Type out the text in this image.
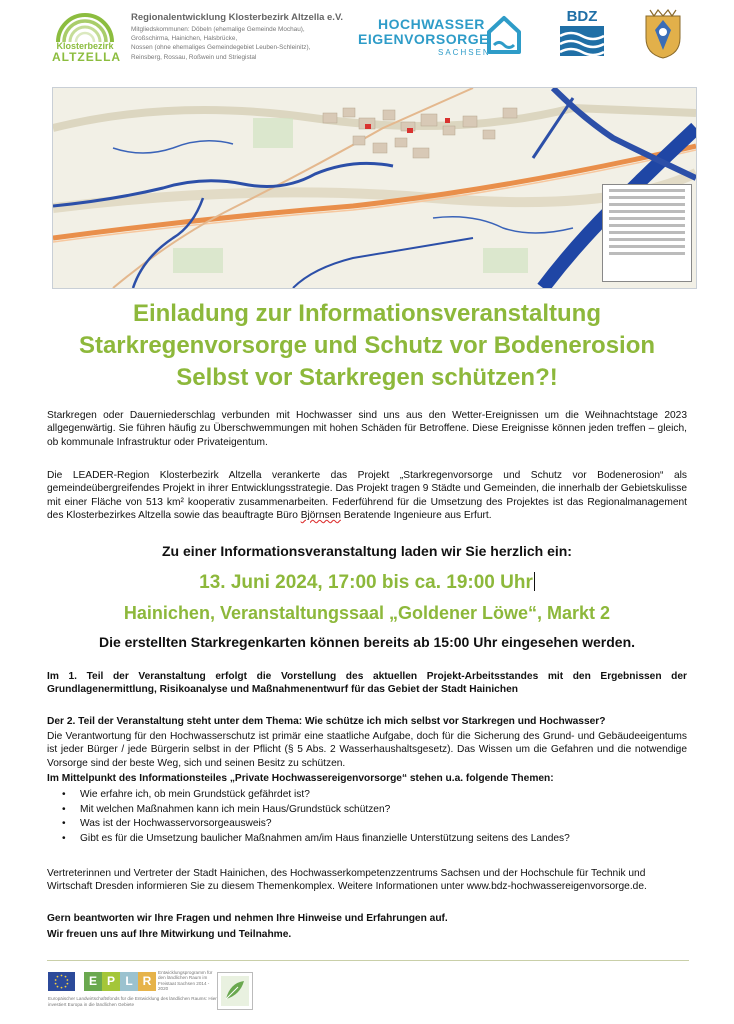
Klosterbezirk
ALTZELLA

Regionalentwicklung Klosterbezirk Altzella e.V.

Mitgliedskommunen: Döbeln (ehemalige Gemeinde Mochau),
Großschirma, Hainichen, Halsbrücke,
Nossen (ohne ehemaliges Gemeindegebiet Leuben-Schleinitz),
Reinsberg, Rossau, Roßwein und Striegistal

HOCHWASSER
EIGENVORSORGE
SACHSEN
BDZ
Einladung zur Informationsveranstaltung
Starkregenvorsorge und Schutz vor Bodenerosion
Selbst vor Starkregen schützen?!

Starkregen oder Dauerniederschlag verbunden mit Hochwasser sind uns aus den Wetter-Ereignissen um die Weihnachtstage 2023 allgegenwärtig. Sie führen häufig zu Überschwemmungen mit hohen Schäden für Betroffene. Diese Ereignisse können jeden treffen – gleich, ob kommunale Infrastruktur oder Privateigentum.

Die LEADER-Region Klosterbezirk Altzella verankerte das Projekt „Starkregenvorsorge und Schutz vor Bodenerosion“ als gemeindeübergreifendes Projekt in ihrer Entwicklungsstrategie. Das Projekt tragen 9 Städte und Gemeinden, die innerhalb der Gebietskulisse mit einer Fläche von 513 km² kooperativ zusammenarbeiten. Federführend für die Umsetzung des Projektes ist das Regionalmanagement des Klosterbezirkes Altzella sowie das beauftragte Büro Björnsen Beratende Ingenieure aus Erfurt.

Zu einer Informationsveranstaltung laden wir Sie herzlich ein:

13. Juni 2024, 17:00 bis ca. 19:00 Uhr

Hainichen, Veranstaltungssaal „Goldener Löwe“, Markt 2

Die erstellten Starkregenkarten können bereits ab 15:00 Uhr eingesehen werden.

Im 1. Teil der Veranstaltung erfolgt die Vorstellung des aktuellen Projekt-Arbeitsstandes mit den Ergebnissen der Grundlagenermittlung, Risikoanalyse und Maßnahmenentwurf für das Gebiet der Stadt Hainichen

Der 2. Teil der Veranstaltung steht unter dem Thema: Wie schütze ich mich selbst vor Starkregen und Hochwasser?

Die Verantwortung für den Hochwasserschutz ist primär eine staatliche Aufgabe, doch für die Sicherung des Grund- und Gebäudeeigentums ist jeder Bürger / jede Bürgerin selbst in der Pflicht (§ 5 Abs. 2 Wasserhaushaltsgesetz). Das Wissen um die Gefahren und die notwendige Vorsorge sind der beste Weg, sich und seinen Besitz zu schützen.

Im Mittelpunkt des Informationsteiles „Private Hochwassereigenvorsorge“ stehen u.a. folgende Themen:

• Wie erfahre ich, ob mein Grundstück gefährdet ist?
• Mit welchen Maßnahmen kann ich mein Haus/Grundstück schützen?
• Was ist der Hochwasservorsorgeausweis?
• Gibt es für die Umsetzung baulicher Maßnahmen am/im Haus finanzielle Unterstützung seitens des Landes?

Vertreterinnen und Vertreter der Stadt Hainichen, des Hochwasserkompetenzzentrums Sachsen und der Hochschule für Technik und Wirtschaft Dresden informieren Sie zu diesem Themenkomplex. Weitere Informationen unter www.bdz-hochwassereigenvorsorge.de.

Gern beantworten wir Ihre Fragen und nehmen Ihre Hinweise und Erfahrungen auf.

Wir freuen uns auf Ihre Mitwirkung und Teilnahme.

E P L R

Entwicklungsprogramm für den ländlichen Raum im Freistaat Sachsen 2014 - 2020

Europäischer Landwirtschaftsfonds für die Entwicklung des ländlichen Raums: Hier investiert Europa in die ländlichen Gebiete
